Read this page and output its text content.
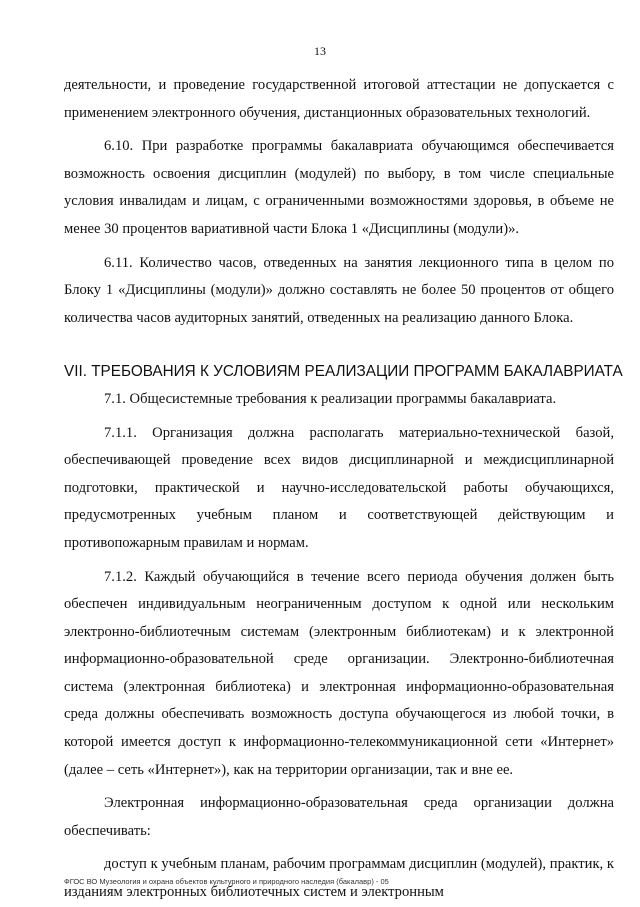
13

деятельности, и проведение государственной итоговой аттестации не допускается с применением электронного обучения, дистанционных образовательных технологий.

6.10. При разработке программы бакалавриата обучающимся обеспечивается возможность освоения дисциплин (модулей) по выбору, в том числе специальные условия инвалидам и лицам, с ограниченными возможностями здоровья, в объеме не менее 30 процентов вариативной части Блока 1 «Дисциплины (модули)».

6.11. Количество часов, отведенных на занятия лекционного типа в целом по Блоку 1 «Дисциплины (модули)» должно составлять не более 50 процентов от общего количества часов аудиторных занятий, отведенных на реализацию данного Блока.

VII. ТРЕБОВАНИЯ К УСЛОВИЯМ РЕАЛИЗАЦИИ ПРОГРАММ БАКАЛАВРИАТА

7.1. Общесистемные требования к реализации программы бакалавриата.

7.1.1. Организация должна располагать материально-технической базой, обеспечивающей проведение всех видов дисциплинарной и междисциплинарной подготовки, практической и научно-исследовательской работы обучающихся, предусмотренных учебным планом и соответствующей действующим и противопожарным правилам и нормам.

7.1.2. Каждый обучающийся в течение всего периода обучения должен быть обеспечен индивидуальным неограниченным доступом к одной или нескольким электронно-библиотечным системам (электронным библиотекам) и к электронной информационно-образовательной среде организации. Электронно-библиотечная система (электронная библиотека) и электронная информационно-образовательная среда должны обеспечивать возможность доступа обучающегося из любой точки, в которой имеется доступ к информационно-телекоммуникационной сети «Интернет» (далее – сеть «Интернет»), как на территории организации, так и вне ее.

Электронная информационно-образовательная среда организации должна обеспечивать:

доступ к учебным планам, рабочим программам дисциплин (модулей), практик, к изданиям электронных библиотечных систем и электронным

ФГОС ВО Музеология и охрана объектов культурного и природного наследия (бакалавр) - 05
